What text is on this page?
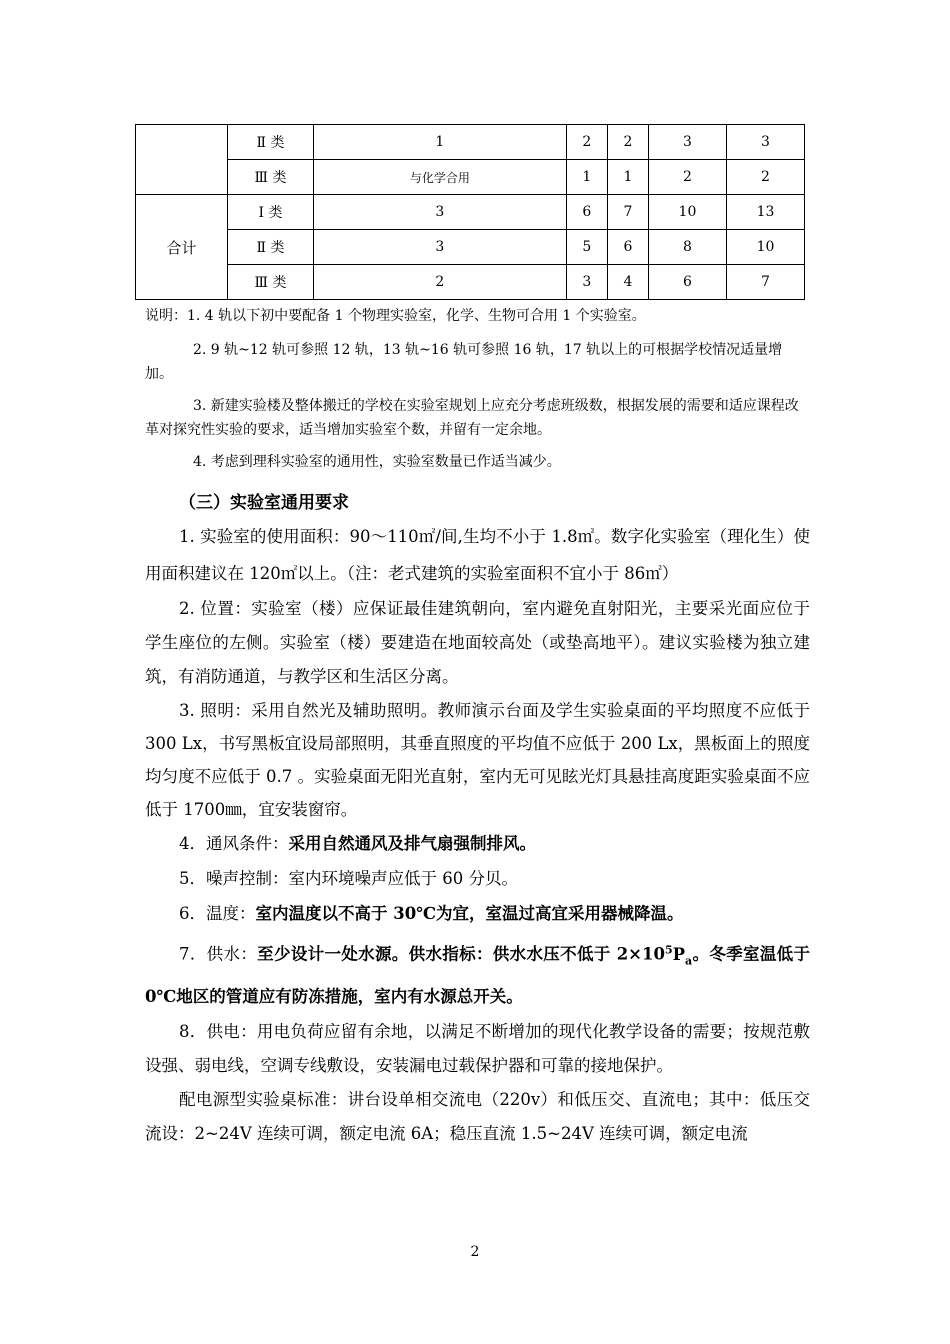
	Ⅱ 类	1	2	2	3	3
	Ⅲ 类	与化学合用	1	1	2	2
合计	Ⅰ 类	3	6	7	10	13
	Ⅱ 类	3	5	6	8	10
	Ⅲ 类	2	3	4	6	7

说明：1. 4 轨以下初中要配备 1 个物理实验室，化学、生物可合用 1 个实验室。

2. 9 轨~12 轨可参照 12 轨，13 轨~16 轨可参照 16 轨，17 轨以上的可根据学校情况适量增加。

3. 新建实验楼及整体搬迁的学校在实验室规划上应充分考虑班级数，根据发展的需要和适应课程改革对探究性实验的要求，适当增加实验室个数，并留有一定余地。

4. 考虑到理科实验室的通用性，实验室数量已作适当减少。

（三）实验室通用要求

1. 实验室的使用面积：90～110㎡/间,生均不小于 1.8㎡。数字化实验室（理化生）使用面积建议在 120㎡以上。（注：老式建筑的实验室面积不宜小于 86㎡）

2. 位置：实验室（楼）应保证最佳建筑朝向，室内避免直射阳光，主要采光面应位于学生座位的左侧。实验室（楼）要建造在地面较高处（或垫高地平）。建议实验楼为独立建筑，有消防通道，与教学区和生活区分离。

3. 照明：采用自然光及辅助照明。教师演示台面及学生实验桌面的平均照度不应低于 300 Lx，书写黑板宜设局部照明，其垂直照度的平均值不应低于 200 Lx，黑板面上的照度均匀度不应低于 0.7 。实验桌面无阳光直射，室内无可见眩光灯具悬挂高度距实验桌面不应低于 1700㎜，宜安装窗帘。

4．通风条件：采用自然通风及排气扇强制排风。

5．噪声控制：室内环境噪声应低于 60 分贝。

6．温度：室内温度以不高于 30℃为宜，室温过高宜采用器械降温。

7．供水：至少设计一处水源。供水指标：供水水压不低于 $2\times 10^5P_a$。冬季室温低于 0℃地区的管道应有防冻措施，室内有水源总开关。

8．供电：用电负荷应留有余地，以满足不断增加的现代化教学设备的需要；按规范敷设强、弱电线，空调专线敷设，安装漏电过载保护器和可靠的接地保护。

配电源型实验桌标准：讲台设单相交流电（220v）和低压交、直流电；其中：低压交流设：2~24V 连续可调，额定电流 6A；稳压直流 1.5~24V 连续可调，额定电流

2
